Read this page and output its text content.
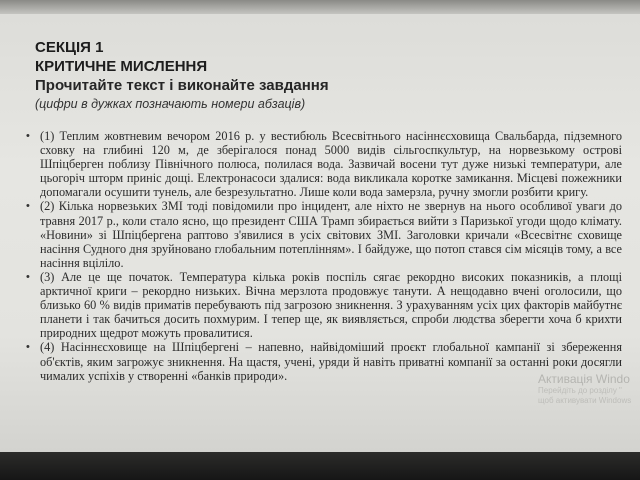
СЕКЦІЯ 1

КРИТИЧНЕ МИСЛЕННЯ

Прочитайте текст і виконайте завдання

(цифри в дужках позначають номери абзаців)

• (1) Теплим жовтневим вечором 2016 р. у вестибюль Всесвітнього насіннєсховища Свальбарда, підземного сховку на глибині 120 м, де зберігалося понад 5000 видів сільгоспкультур, на норвезькому острові Шпіцберген поблизу Північного полюса, полилася вода. Зазвичай восени тут дуже низькі температури, але цьогоріч шторм приніс дощі. Електронасоси здалися: вода викликала коротке замикання. Місцеві пожежники допомагали осушити тунель, але безрезультатно. Лише коли вода замерзла, ручну змогли розбити кригу.
• (2) Кілька норвезьких ЗМІ тоді повідомили про інцидент, але ніхто не звернув на нього особливої уваги до травня 2017 р., коли стало ясно, що президент США Трамп збирається вийти з Паризької угоди щодо клімату. «Новини» зі Шпіцбергена раптово з'явилися в усіх світових ЗМІ. Заголовки кричали «Всесвітнє сховище насіння Судного дня зруйновано глобальним потеплінням». І байдуже, що потоп стався сім місяців тому, а все насіння вціліло.
• (3) Але це ще початок. Температура кілька років поспіль сягає рекордно високих показників, а площі арктичної криги – рекордно низьких. Вічна мерзлота продовжує танути. А нещодавно вчені оголосили, що близько 60 % видів приматів перебувають під загрозою зникнення. З урахуванням усіх цих факторів майбутнє планети і так бачиться досить похмурим. І тепер ще, як виявляється, спроби людства зберегти хоча б крихти природних щедрот можуть провалитися.
• (4) Насіннєсховище на Шпіцбергені – напевно, найвідоміший проєкт глобальної кампанії зі збереження об'єктів, яким загрожує зникнення. На щастя, учені, уряди й навіть приватні компанії за останні роки досягли чималих успіхів у створенні «банків природи».	Активація Windo
Перейдіть до розділу "
щоб активувати Windows
